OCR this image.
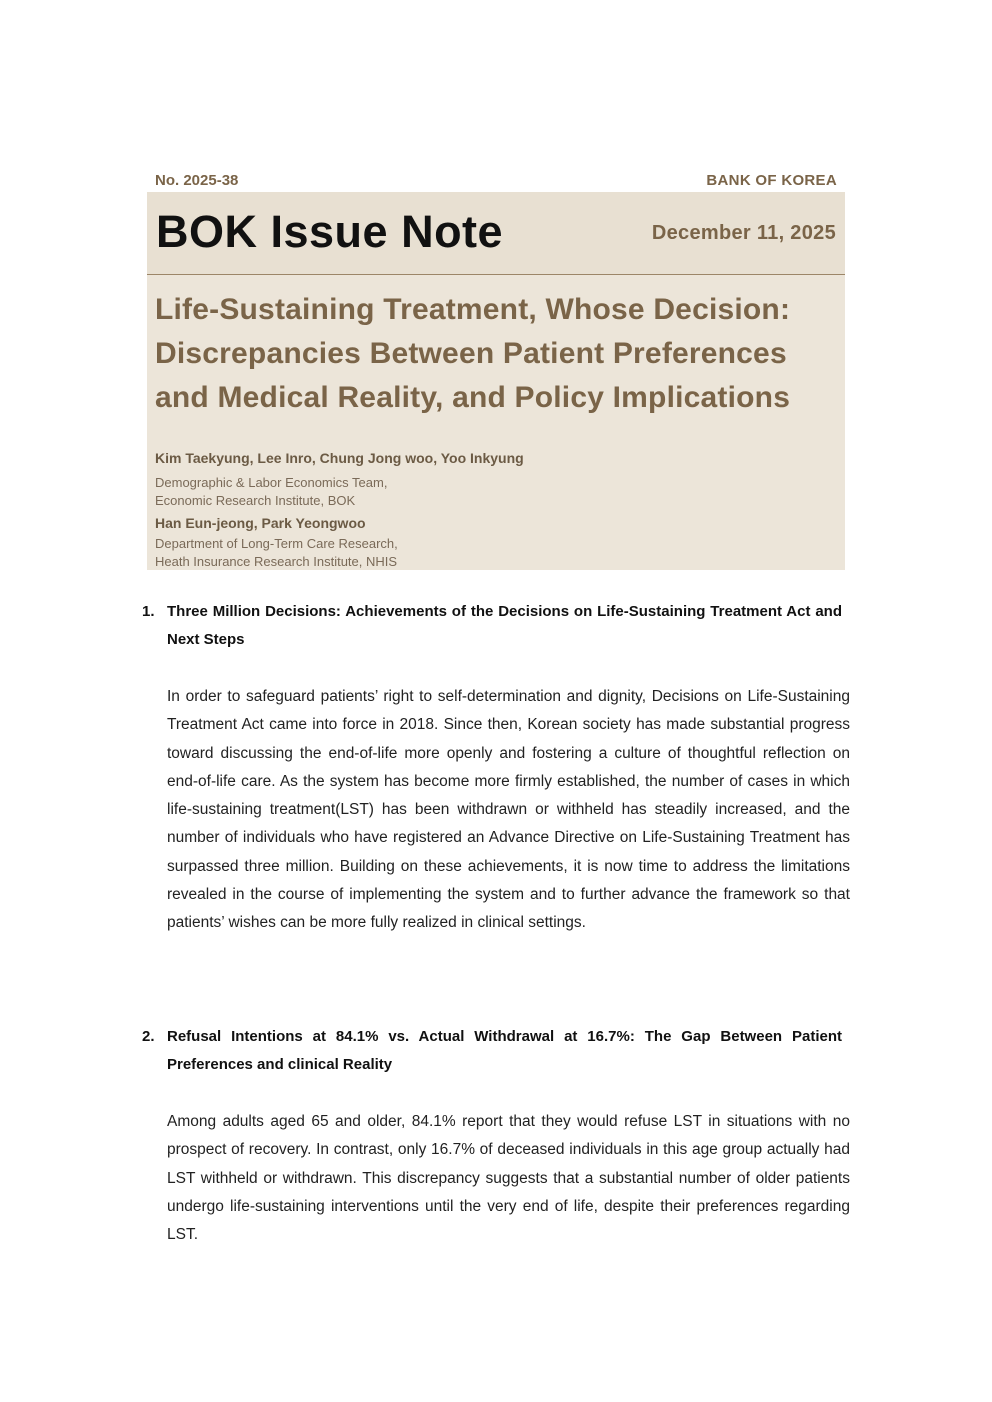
No. 2025-38	BANK OF KOREA
BOK Issue Note	December 11, 2025
Life-Sustaining Treatment, Whose Decision: Discrepancies Between Patient Preferences and Medical Reality, and Policy Implications
Kim Taekyung, Lee Inro, Chung Jong woo, Yoo Inkyung
Demographic & Labor Economics Team,
Economic Research Institute, BOK
Han Eun-jeong, Park Yeongwoo
Department of Long-Term Care Research,
Heath Insurance Research Institute, NHIS
1. Three Million Decisions: Achievements of the Decisions on Life-Sustaining Treatment Act and Next Steps
In order to safeguard patients’ right to self-determination and dignity, Decisions on Life-Sustaining Treatment Act came into force in 2018. Since then, Korean society has made substantial progress toward discussing the end-of-life more openly and fostering a culture of thoughtful reflection on end-of-life care. As the system has become more firmly established, the number of cases in which life-sustaining treatment(LST) has been withdrawn or withheld has steadily increased, and the number of individuals who have registered an Advance Directive on Life-Sustaining Treatment has surpassed three million. Building on these achievements, it is now time to address the limitations revealed in the course of implementing the system and to further advance the framework so that patients’ wishes can be more fully realized in clinical settings.
2. Refusal Intentions at 84.1% vs. Actual Withdrawal at 16.7%: The Gap Between Patient Preferences and clinical Reality
Among adults aged 65 and older, 84.1% report that they would refuse LST in situations with no prospect of recovery. In contrast, only 16.7% of deceased individuals in this age group actually had LST withheld or withdrawn. This discrepancy suggests that a substantial number of older patients undergo life-sustaining interventions until the very end of life, despite their preferences regarding LST.
